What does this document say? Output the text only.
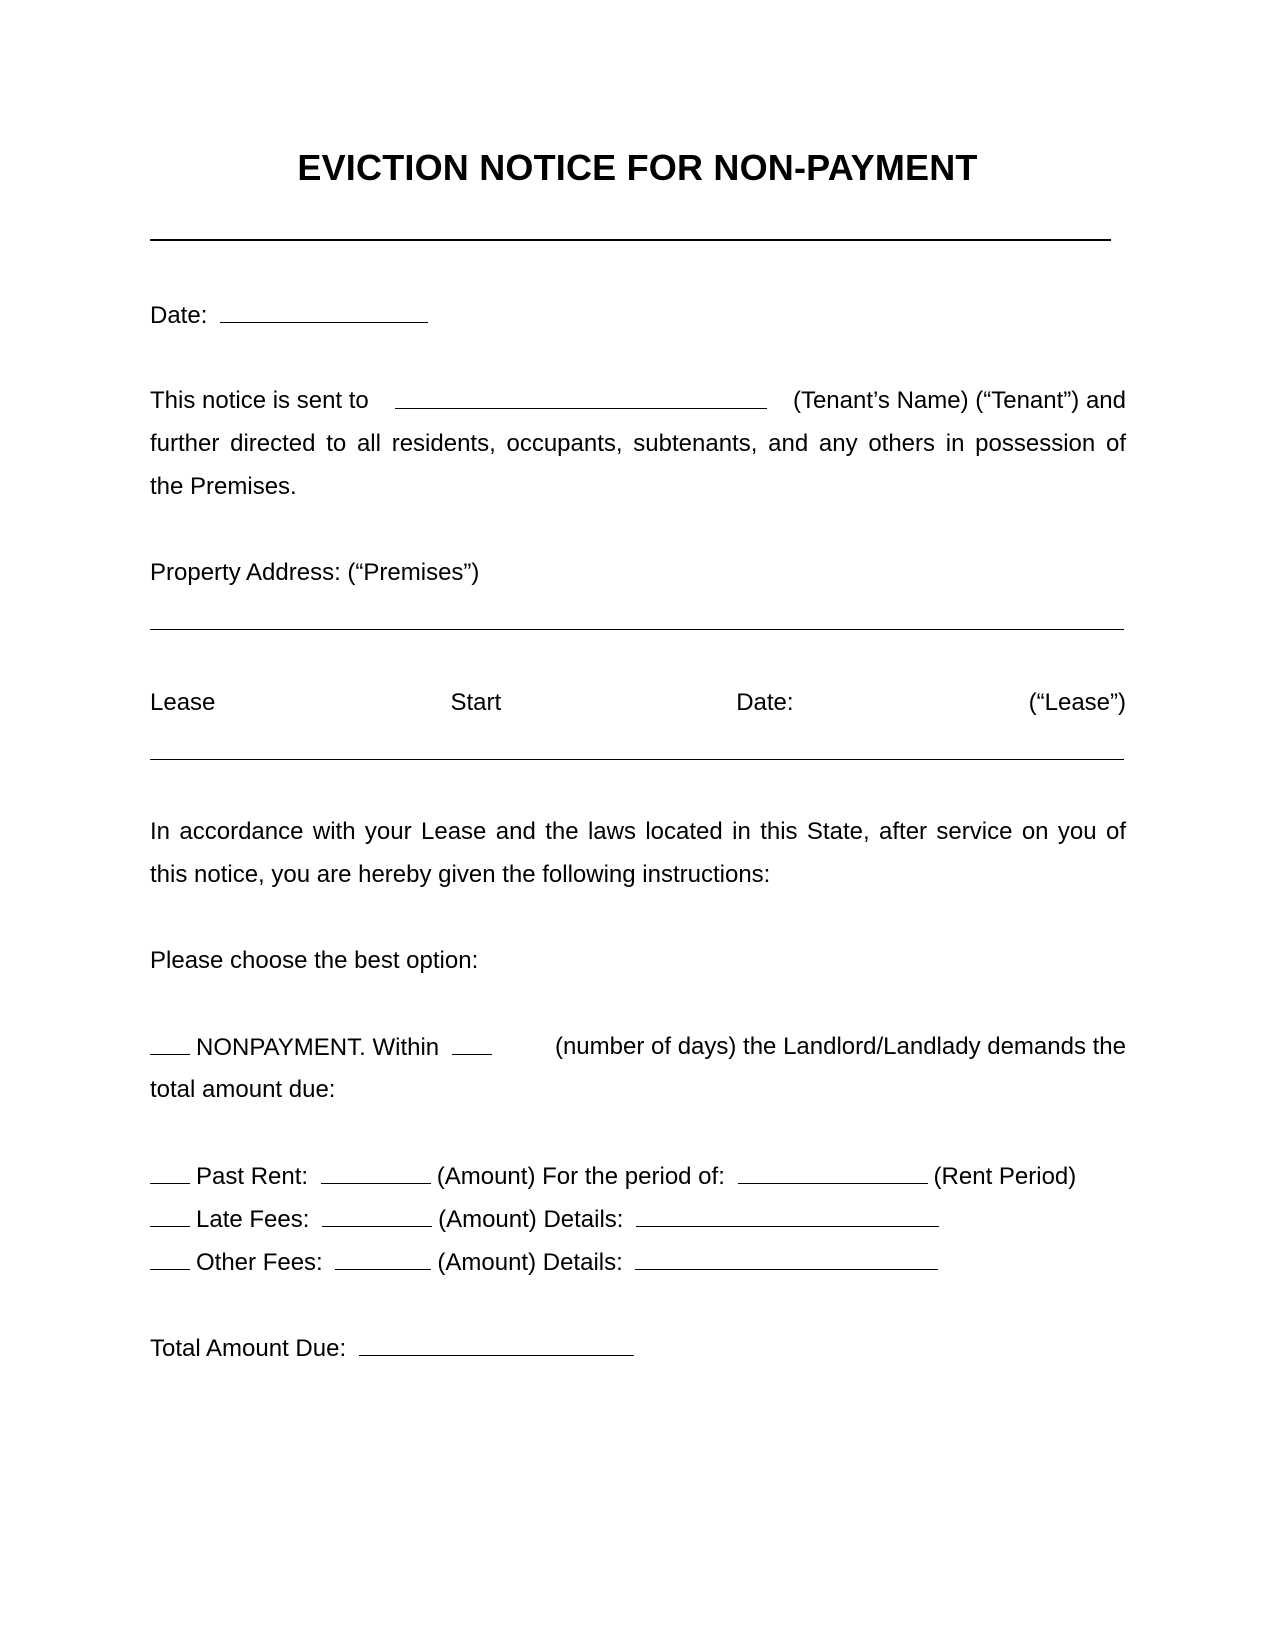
EVICTION NOTICE FOR NON-PAYMENT
Date:
This notice is sent to	(Tenant’s Name) (“Tenant”) and
further directed to all residents, occupants, subtenants, and any others in possession of
the Premises.
Property Address: (“Premises”)
Lease	Start	Date:	(“Lease”)
In accordance with your Lease and the laws located in this State, after service on you of
this notice, you are hereby given the following instructions:
Please choose the best option:
NONPAYMENT. Within	(number of days) the Landlord/Landlady demands the
total amount due:
Past Rent:	(Amount) For the period of:	(Rent Period)
Late Fees:	(Amount) Details:
Other Fees:	(Amount) Details:
Total Amount Due:
